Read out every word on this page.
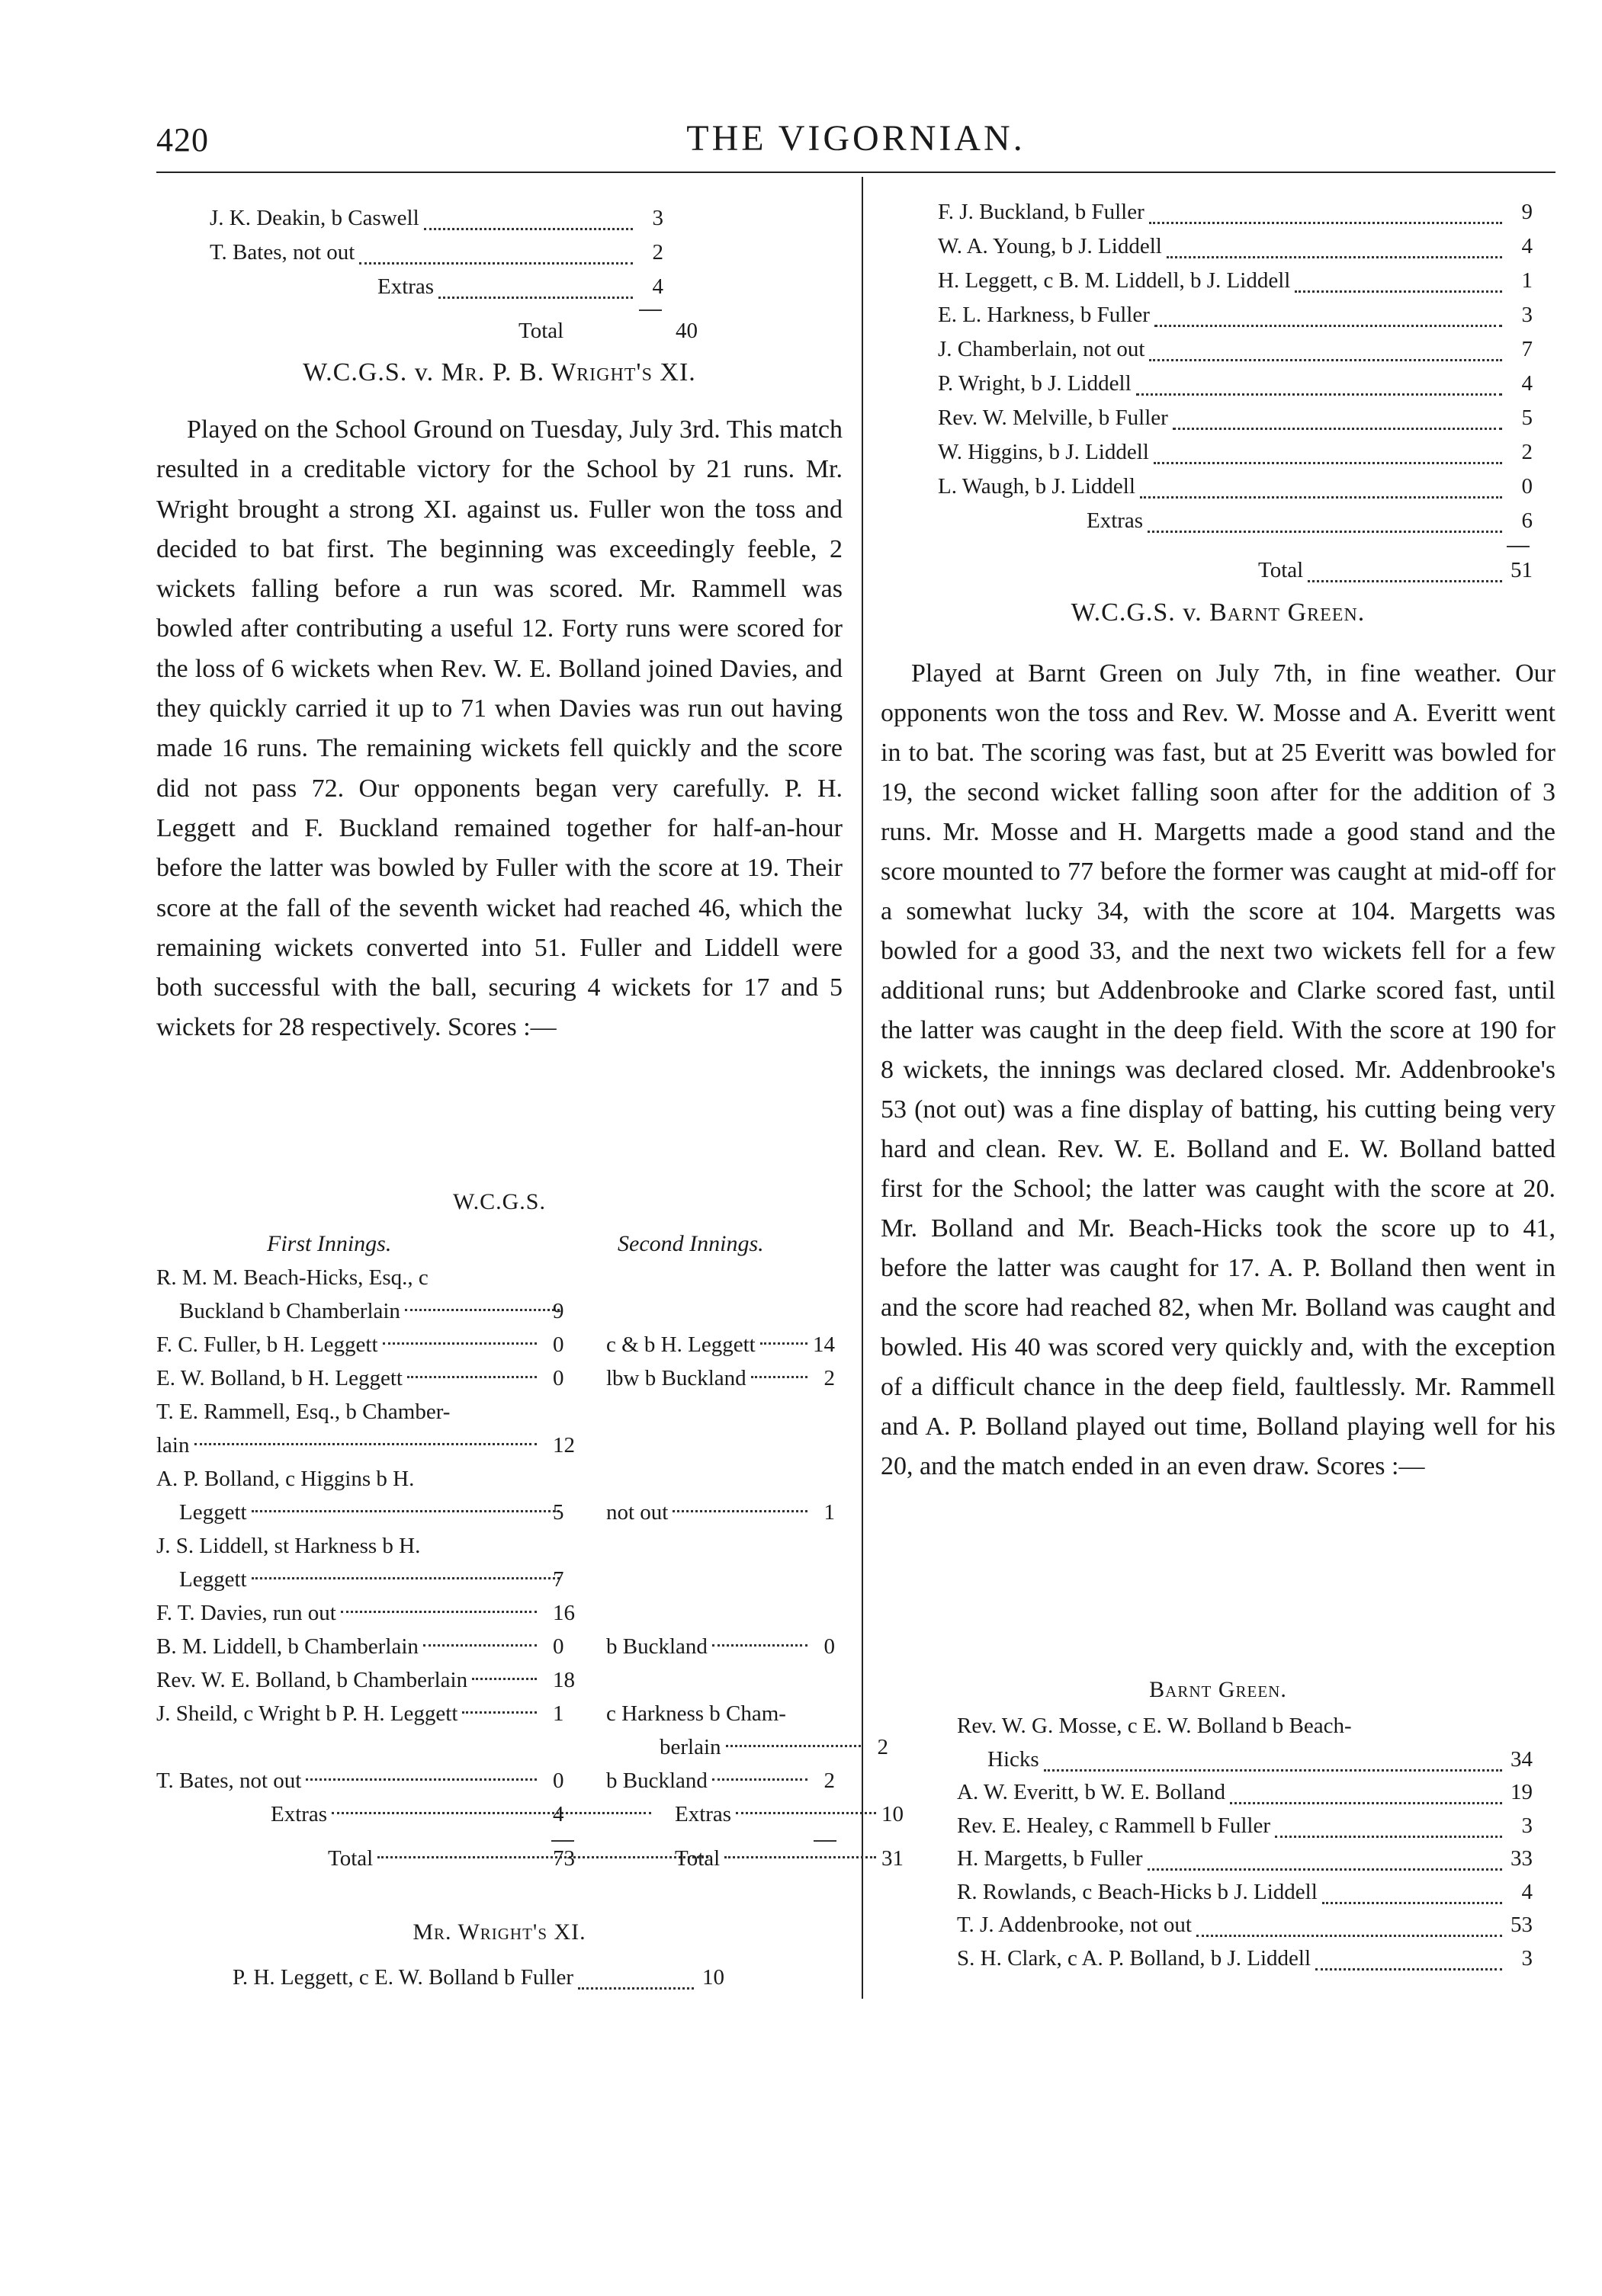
420	THE VIGORNIAN.
J. K. Deakin, b Caswell	3
T. Bates, not out	2
Extras	4
Total	40
W.C.G.S. v. Mr. P. B. Wright's XI.

Played on the School Ground on Tuesday, July 3rd. This match resulted in a creditable victory for the School by 21 runs. Mr. Wright brought a strong XI. against us. Fuller won the toss and decided to bat first. The beginning was exceedingly feeble, 2 wickets falling before a run was scored. Mr. Rammell was bowled after contributing a useful 12. Forty runs were scored for the loss of 6 wickets when Rev. W. E. Bolland joined Davies, and they quickly carried it up to 71 when Davies was run out having made 16 runs. The remaining wickets fell quickly and the score did not pass 72. Our opponents began very carefully. P. H. Leggett and F. Buckland remained together for half-an-hour before the latter was bowled by Fuller with the score at 19. Their score at the fall of the seventh wicket had reached 46, which the remaining wickets converted into 51. Fuller and Liddell were both successful with the ball, securing 4 wickets for 17 and 5 wickets for 28 respectively. Scores :—

W.C.G.S.
First Innings.	Second Innings.
R. M. M. Beach-Hicks, Esq., c
Buckland b Chamberlain	9
F. C. Fuller, b H. Leggett	0	c & b H. Leggett	14
E. W. Bolland, b H. Leggett	0	lbw b Buckland	2
T. E. Rammell, Esq., b Chamber-
lain	12
A. P. Bolland, c Higgins b H.
Leggett	5	not out	1
J. S. Liddell, st Harkness b H.
Leggett	7
F. T. Davies, run out	16
B. M. Liddell, b Chamberlain	0	b Buckland	0
Rev. W. E. Bolland, b Chamberlain	18
J. Sheild, c Wright b P. H. Leggett	1	c Harkness b Cham-
berlain	2
T. Bates, not out	0	b Buckland	2
Extras	4	Extras	10
Total	73	Total	31
Mr. Wright's XI.
P. H. Leggett, c E. W. Bolland b Fuller	10
F. J. Buckland, b Fuller	9
W. A. Young, b J. Liddell	4
H. Leggett, c B. M. Liddell, b J. Liddell	1
E. L. Harkness, b Fuller	3
J. Chamberlain, not out	7
P. Wright, b J. Liddell	4
Rev. W. Melville, b Fuller	5
W. Higgins, b J. Liddell	2
L. Waugh, b J. Liddell	0
Extras	6
Total	51
W.C.G.S. v. Barnt Green.

Played at Barnt Green on July 7th, in fine weather. Our opponents won the toss and Rev. W. Mosse and A. Everitt went in to bat. The scoring was fast, but at 25 Everitt was bowled for 19, the second wicket falling soon after for the addition of 3 runs. Mr. Mosse and H. Margetts made a good stand and the score mounted to 77 before the former was caught at mid-off for a somewhat lucky 34, with the score at 104. Margetts was bowled for a good 33, and the next two wickets fell for a few additional runs; but Addenbrooke and Clarke scored fast, until the latter was caught in the deep field. With the score at 190 for 8 wickets, the innings was declared closed. Mr. Addenbrooke's 53 (not out) was a fine display of batting, his cutting being very hard and clean. Rev. W. E. Bolland and E. W. Bolland batted first for the School; the latter was caught with the score at 20. Mr. Bolland and Mr. Beach-Hicks took the score up to 41, before the latter was caught for 17. A. P. Bolland then went in and the score had reached 82, when Mr. Bolland was caught and bowled. His 40 was scored very quickly and, with the exception of a difficult chance in the deep field, faultlessly. Mr. Rammell and A. P. Bolland played out time, Bolland playing well for his 20, and the match ended in an even draw. Scores :—

Barnt Green.
Rev. W. G. Mosse, c E. W. Bolland b Beach-
Hicks	34
A. W. Everitt, b W. E. Bolland	19
Rev. E. Healey, c Rammell b Fuller	3
H. Margetts, b Fuller	33
R. Rowlands, c Beach-Hicks b J. Liddell	4
T. J. Addenbrooke, not out	53
S. H. Clark, c A. P. Bolland, b J. Liddell	3
